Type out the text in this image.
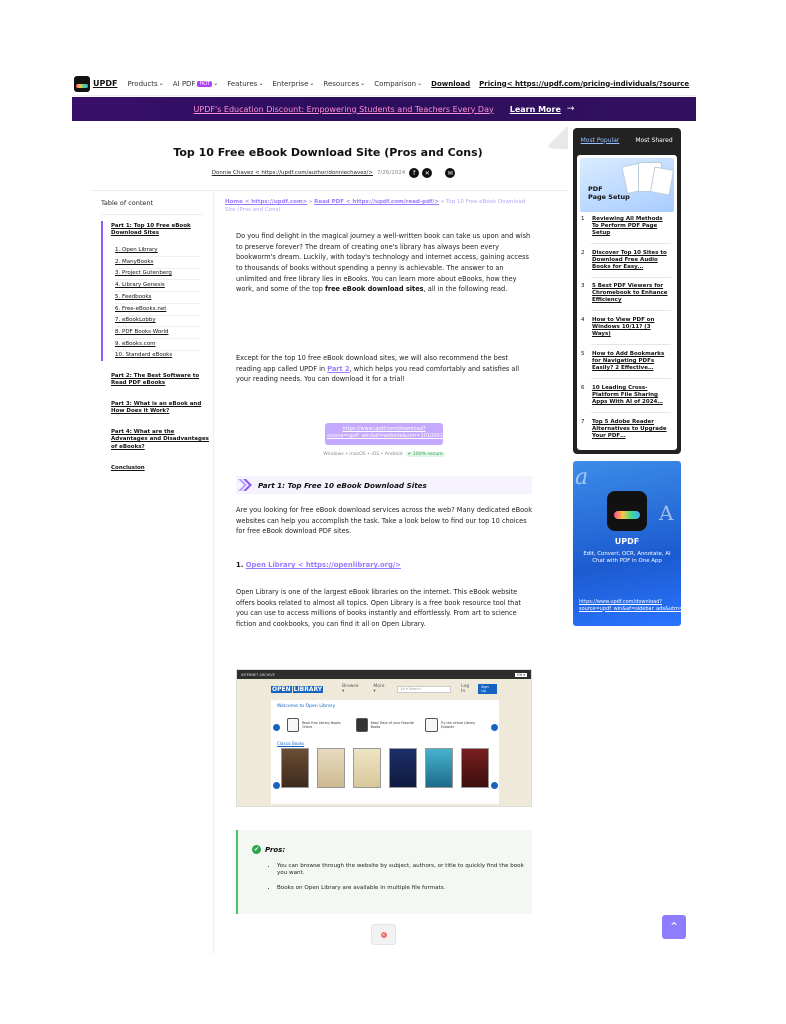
UPDF Products ⌄ AI PDF HOT ⌄ Features ⌄ Enterprise ⌄ Resources ⌄ Comparison ⌄ Download Pricing< https://updf.com/pricing-individuals/?source
UPDF's Education Discount: Empowering Students and Teachers Every Day Learn More →
Top 10 Free eBook Download Site (Pros and Cons)
Donnie Chavez < https://updf.com/author/donniechavez/> 7/26/2024	f	✕	✉
Table of content
Part 1: Top 10 Free eBook Download Sites
1. Open Library
2. ManyBooks
3. Project Gutenberg
4. Library Genesis
5. Feedbooks
6. Free-eBooks.net
7. eBookLobby
8. PDF Books World
9. eBooks.com
10. Standard eBooks
Part 2: The Best Software to Read PDF eBooks
Part 3: What is an eBook and How Does it Work?
Part 4: What are the Advantages and Disadvantages of eBooks?
Conclusion
Home < https://updf.com> » Read PDF < https://updf.com/read-pdf/> » Top 10 Free eBook Download Site (Pros and Cons)
Do you find delight in the magical journey a well-written book can take us upon and wish to preserve forever? The dream of creating one's library has always been every bookworm's dream. Luckily, with today's technology and internet access, gaining access to thousands of books without spending a penny is achievable. The answer to an unlimited and free library lies in eBooks. You can learn more about eBooks, how they work, and some of the top free eBook download sites, all in the following read.
Except for the top 10 free eBook download sites, we will also recommend the best reading app called UPDF in Part 2, which helps you read comfortably and satisfies all your reading needs. You can download it for a trial!
https://www.updf.com/download?source=updf_win&af=website&utm=1010001&utm_con=
Windows • macOS • iOS • Android	✔ 100% secure
Part 1: Top Free 10 eBook Download Sites
Are you looking for free eBook download services across the web? Many dedicated eBook websites can help you accomplish the task. Take a look below to find our top 10 choices for free eBook download PDF sites.
1. Open Library < https://openlibrary.org/>
Open Library is one of the largest eBook libraries on the internet. This eBook website offers books related to almost all topics. Open Library is a free book resource tool that you can use to access millions of books instantly and effortlessly. From art to science fiction and cookbooks, you can find it all on Open Library.
INTERNET ARCHIVE	EN ▾
OPEN LIBRARY	Browse ▾
More ▾
All ▾ Search	Log In
Sign Up
Welcome to Open Library
Read Free Library Books Online
Keep Track of your Favorite Books
Try the virtual Library Explorer
Classic Books
✔ Pros:
• You can browse through the website by subject, authors, or title to quickly find the book you want.
• Books on Open Library are available in multiple file formats.
✕
Most Popular	Most Shared
PDF
Page Setup
1	Reviewing All Methods To Perform PDF Page Setup
2	Discover Top 10 Sites to Download Free Audio Books for Easy…
3	5 Best PDF Viewers for Chromebook to Enhance Efficiency
4	How to View PDF on Windows 10/11? (3 Ways)
5	How to Add Bookmarks for Navigating PDFs Easily? 2 Effective…
6	10 Leading Cross-Platform File Sharing Apps With AI of 2024…
7	Top 5 Adobe Reader Alternatives to Upgrade Your PDF…
a
A
UPDF
Edit, Convert, OCR, Annotate, AI Chat with PDF in One App
https://www.updf.com/download?source=updf_win&af=sidebar_ads&utm=1010001&utm_con=source=UPDF_WIN>
⌃
